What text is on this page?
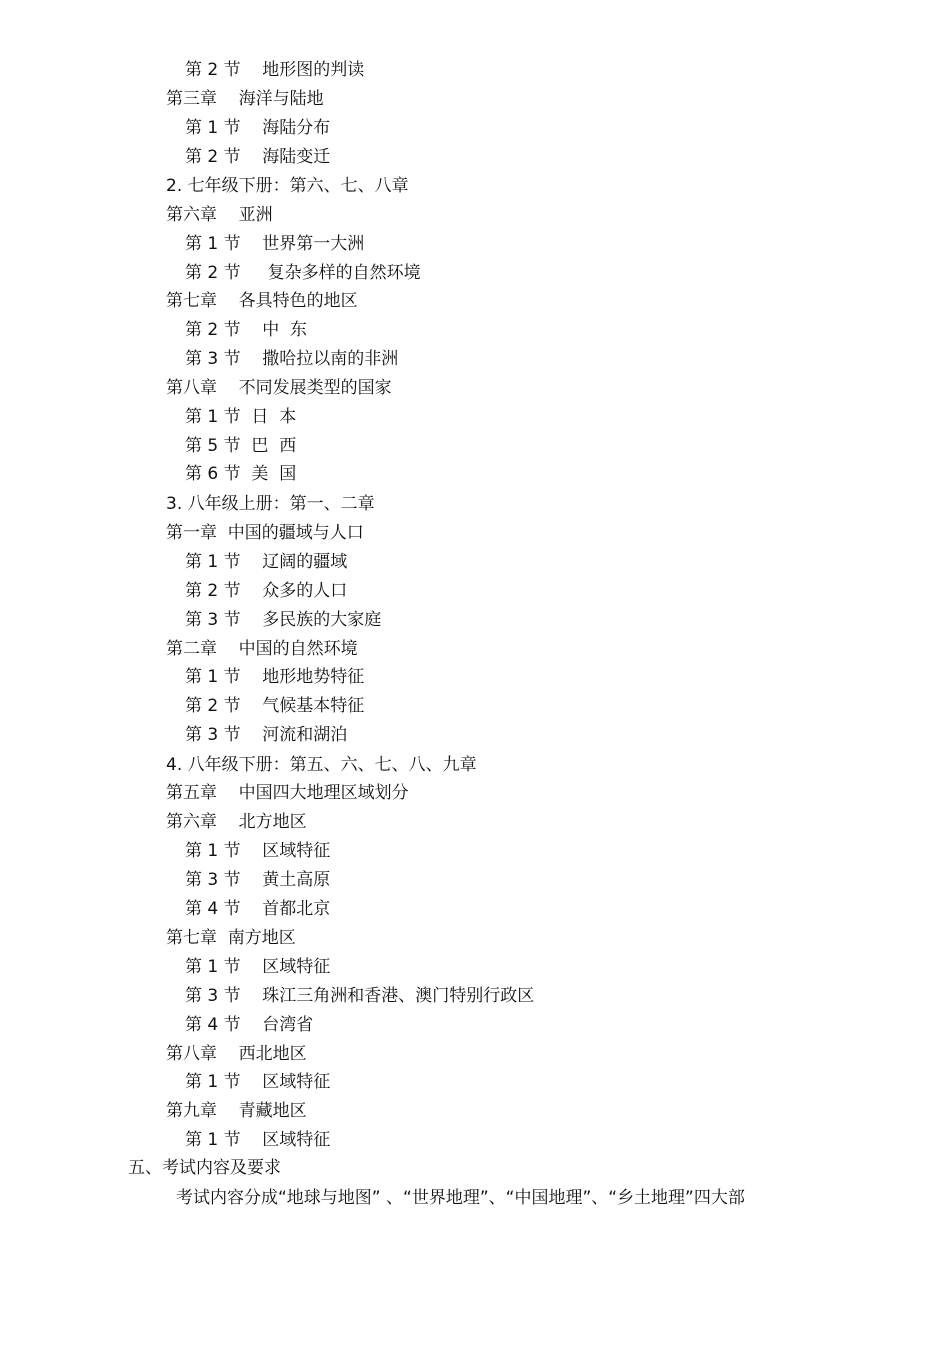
第 2 节    地形图的判读
第三章    海洋与陆地
第 1 节    海陆分布
第 2 节    海陆变迁
2. 七年级下册：第六、七、八章
第六章    亚洲
第 1 节    世界第一大洲
第 2 节     复杂多样的自然环境
第七章    各具特色的地区
第 2 节    中  东
第 3 节    撒哈拉以南的非洲
第八章    不同发展类型的国家
第 1 节  日  本
第 5 节  巴  西
第 6 节  美  国
3. 八年级上册：第一、二章
第一章  中国的疆域与人口
第 1 节    辽阔的疆域
第 2 节    众多的人口
第 3 节    多民族的大家庭
第二章    中国的自然环境
第 1 节    地形地势特征
第 2 节    气候基本特征
第 3 节    河流和湖泊
4. 八年级下册：第五、六、七、八、九章
第五章    中国四大地理区域划分
第六章    北方地区
第 1 节    区域特征
第 3 节    黄土高原
第 4 节    首都北京
第七章  南方地区
第 1 节    区域特征
第 3 节    珠江三角洲和香港、澳门特别行政区
第 4 节    台湾省
第八章    西北地区
第 1 节    区域特征
第九章    青藏地区
第 1 节    区域特征
五、考试内容及要求
考试内容分成“地球与地图” 、“世界地理”、“中国地理”、“乡土地理”四大部
